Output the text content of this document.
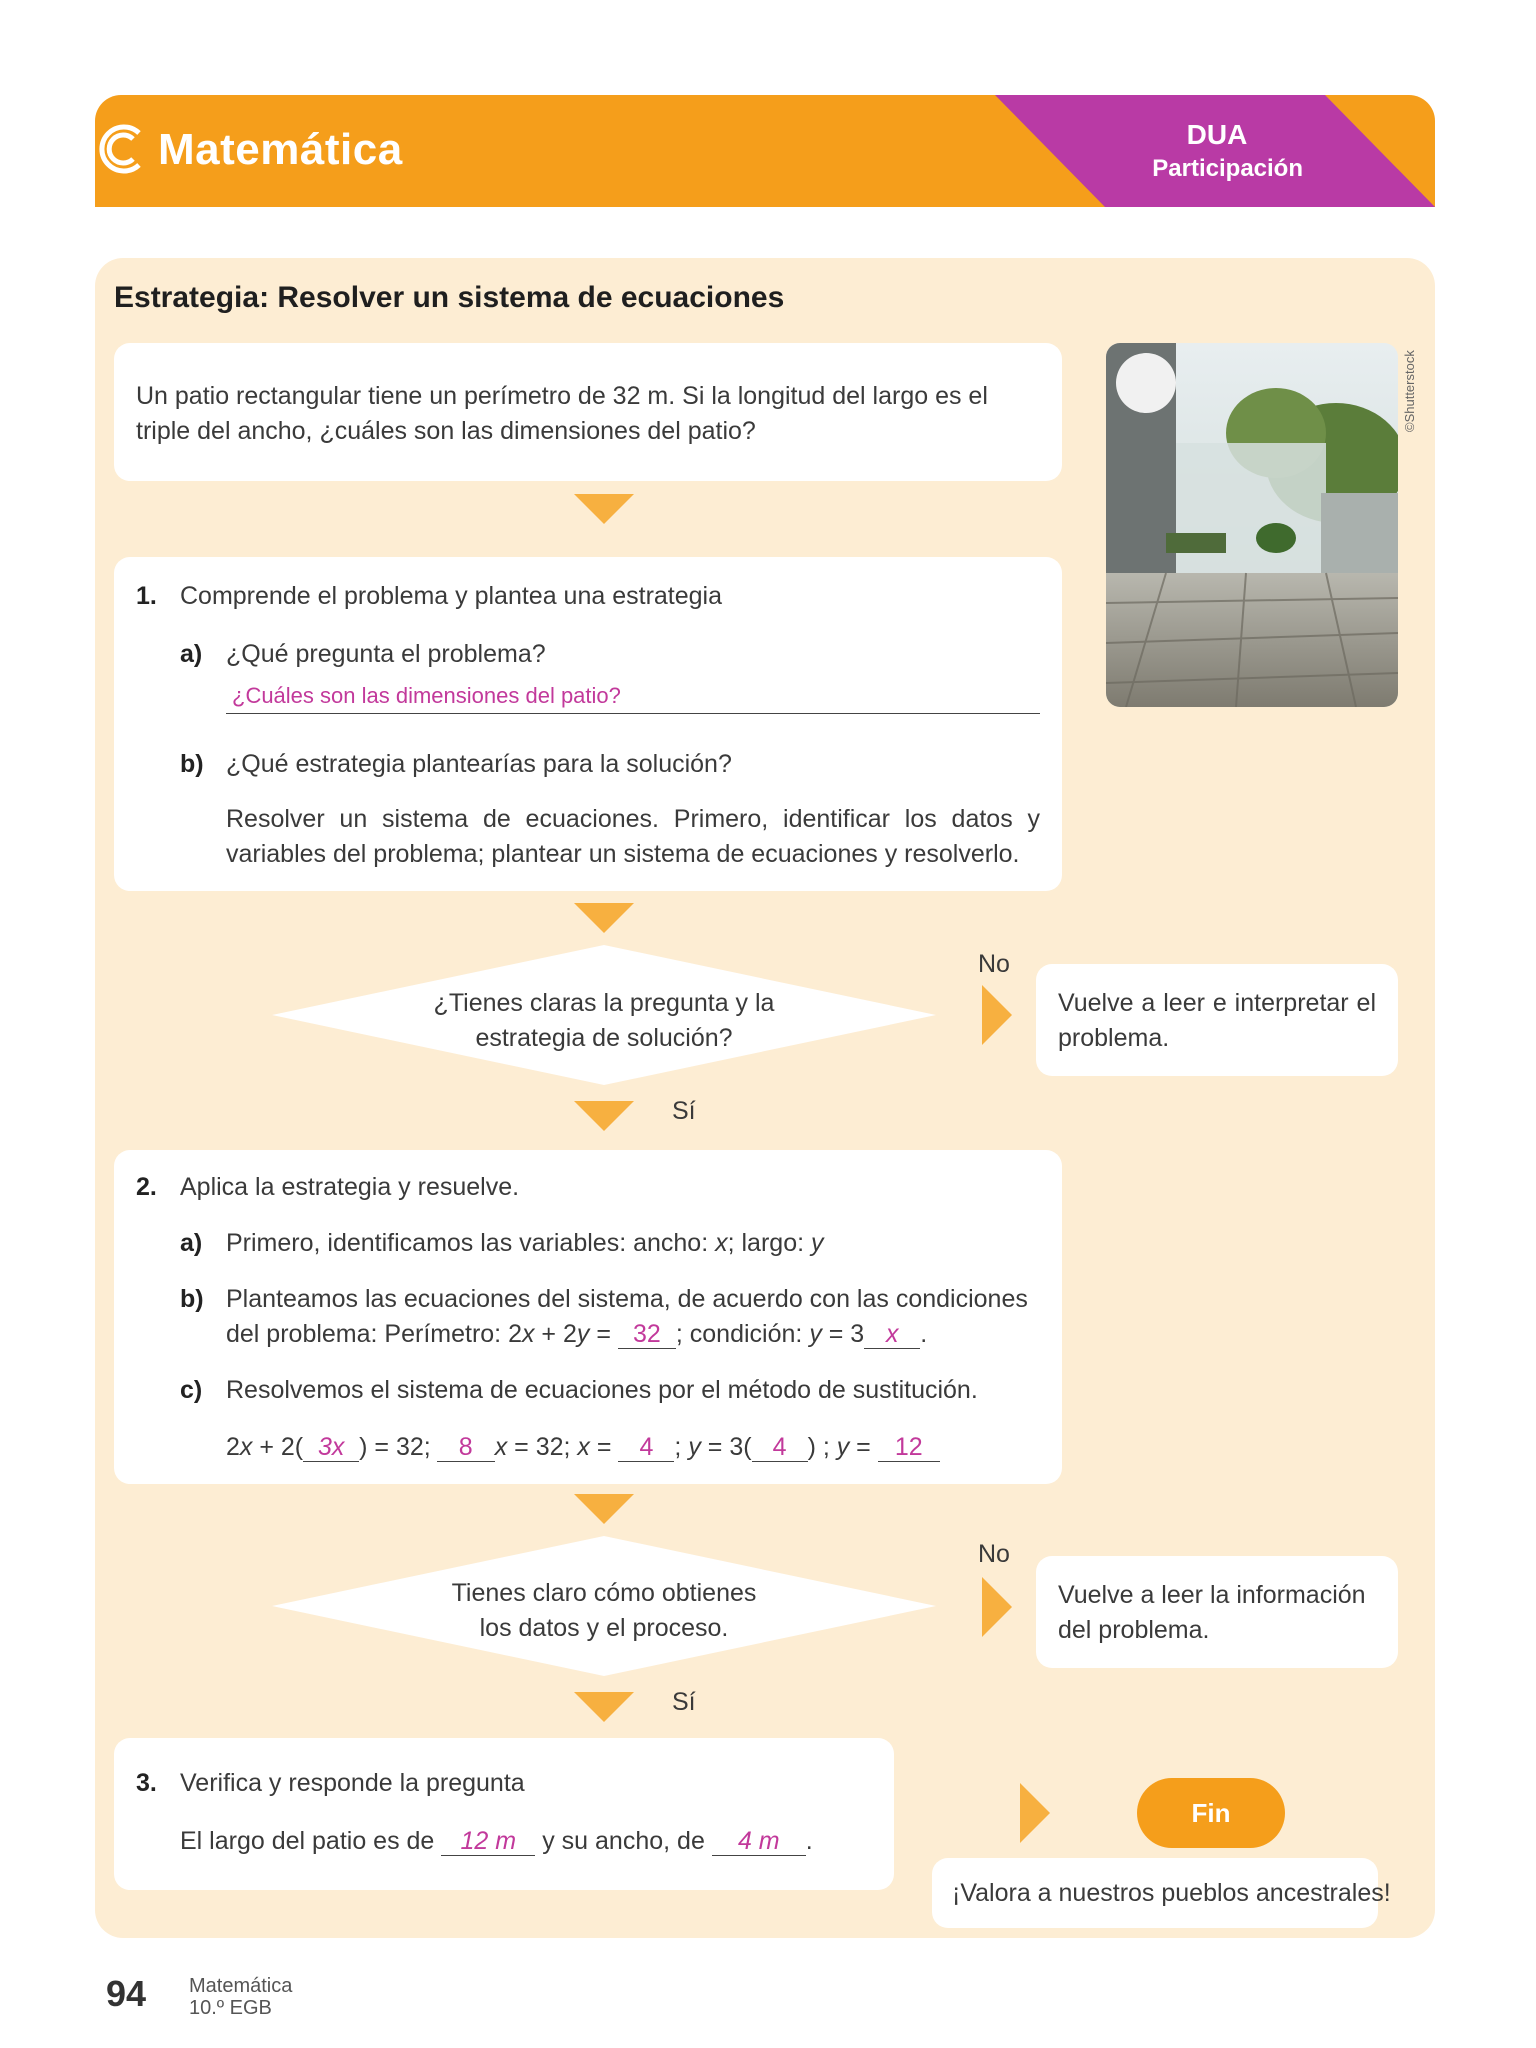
Matemática	DUA
Participación
Estrategia: Resolver un sistema de ecuaciones
Un patio rectangular tiene un perímetro de 32 m. Si la longitud del largo es el triple del ancho, ¿cuáles son las dimensiones del patio?	©Shutterstock
1. Comprende el problema y plantea una estrategia
a) ¿Qué pregunta el problema?
¿Cuáles son las dimensiones del patio?
b) ¿Qué estrategia plantearías para la solución?
Resolver un sistema de ecuaciones. Primero, identificar los datos y variables del problema; plantear un sistema de ecuaciones y resolverlo.
¿Tienes claras la pregunta y la
estrategia de solución?
No
Vuelve a leer e interpretar el problema.
Sí
2. Aplica la estrategia y resuelve.
a) Primero, identificamos las variables: ancho: x; largo: y
b) Planteamos las ecuaciones del sistema, de acuerdo con las condiciones
del problema: Perímetro: 2x + 2y = 32 ; condición: y = 3 x .
c) Resolvemos el sistema de ecuaciones por el método de sustitución.
2x + 2( 3x ) = 32; 8 x = 32; x = 4 ; y = 3( 4 ) ; y = 12
Tienes claro cómo obtienes
los datos y el proceso.
No
Vuelve a leer la información del problema.
Sí
3. Verifica y responde la pregunta
El largo del patio es de 12 m y su ancho, de 4 m .
Fin
¡Valora a nuestros pueblos ancestrales!
94 Matemática
10.º EGB
